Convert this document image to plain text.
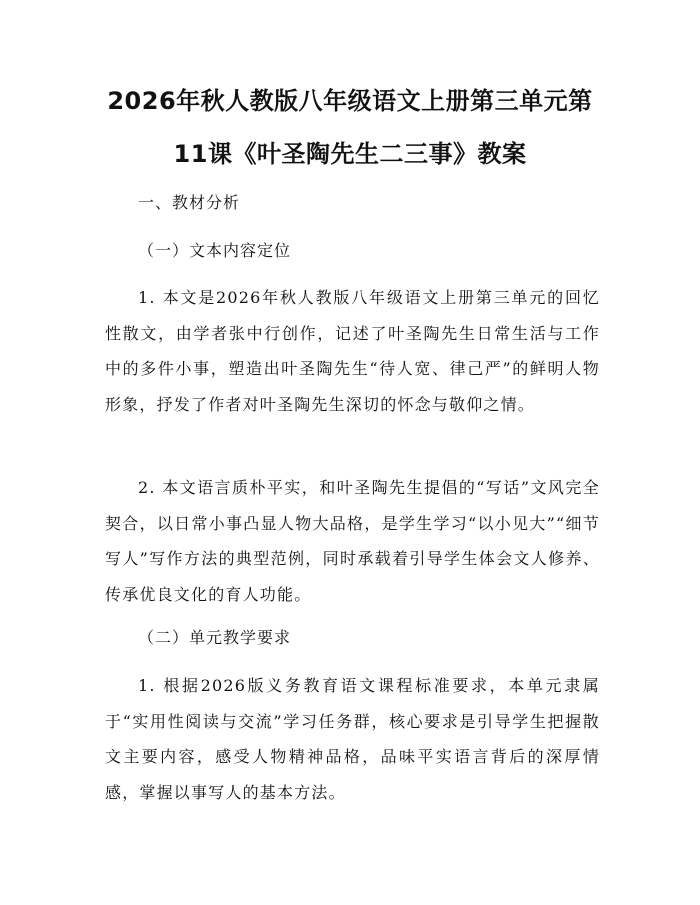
2026年秋人教版八年级语文上册第三单元第
11课《叶圣陶先生二三事》教案
一、教材分析
（一）文本内容定位
1. 本文是2026年秋人教版八年级语文上册第三单元的回忆性散文，由学者张中行创作，记述了叶圣陶先生日常生活与工作中的多件小事，塑造出叶圣陶先生“待人宽、律己严”的鲜明人物形象，抒发了作者对叶圣陶先生深切的怀念与敬仰之情。
2. 本文语言质朴平实，和叶圣陶先生提倡的“写话”文风完全契合，以日常小事凸显人物大品格，是学生学习“以小见大”“细节写人”写作方法的典型范例，同时承载着引导学生体会文人修养、传承优良文化的育人功能。
（二）单元教学要求
1. 根据2026版义务教育语文课程标准要求，本单元隶属于“实用性阅读与交流”学习任务群，核心要求是引导学生把握散文主要内容，感受人物精神品格，品味平实语言背后的深厚情感，掌握以事写人的基本方法。
